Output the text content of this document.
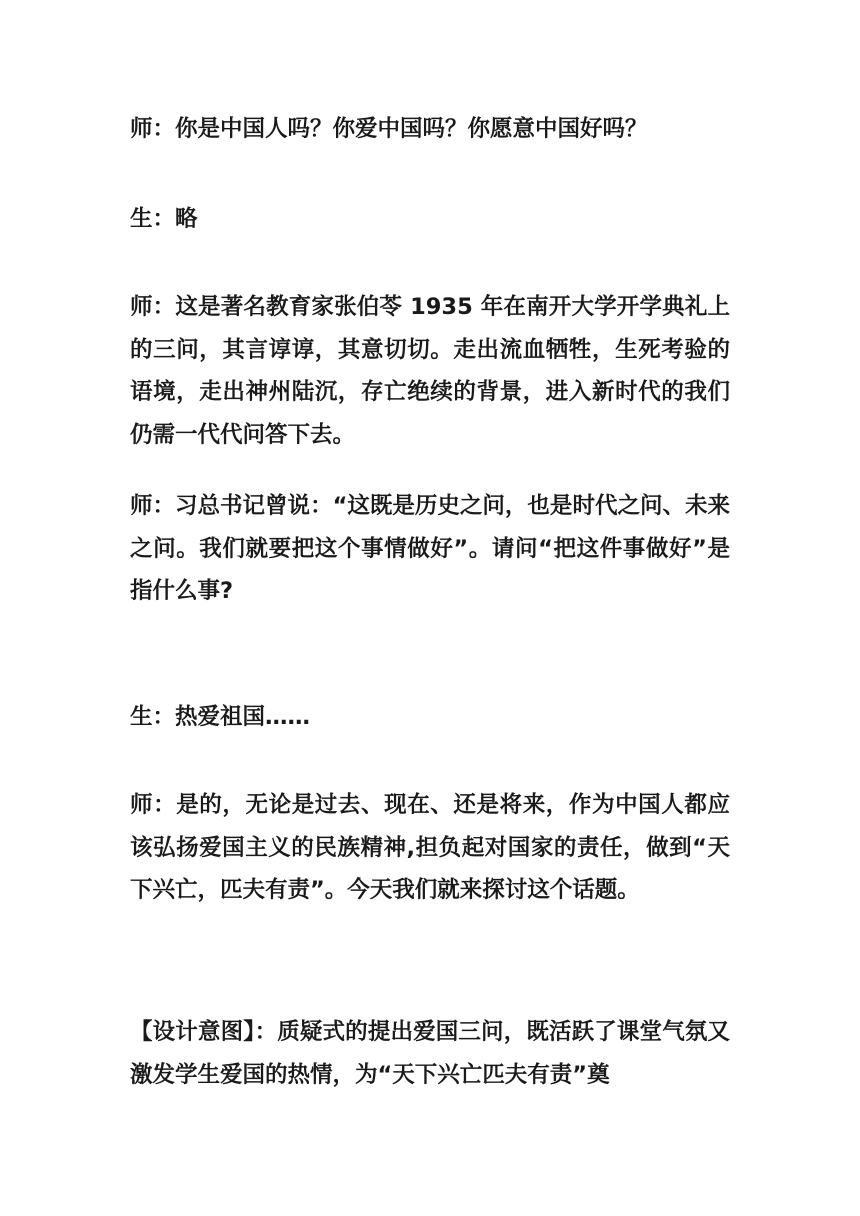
师：你是中国人吗？你爱中国吗？你愿意中国好吗？

生：略

师：这是著名教育家张伯苓 1935 年在南开大学开学典礼上的三问，其言谆谆，其意切切。走出流血牺牲，生死考验的语境，走出神州陆沉，存亡绝续的背景，进入新时代的我们仍需一代代问答下去。

师：习总书记曾说：“这既是历史之问，也是时代之问、未来之问。我们就要把这个事情做好”。请问“把这件事做好”是指什么事?

生：热爱祖国……

师：是的，无论是过去、现在、还是将来，作为中国人都应该弘扬爱国主义的民族精神,担负起对国家的责任，做到“天下兴亡，匹夫有责”。今天我们就来探讨这个话题。

【设计意图】：质疑式的提出爱国三问，既活跃了课堂气氛又激发学生爱国的热情，为“天下兴亡匹夫有责”奠
